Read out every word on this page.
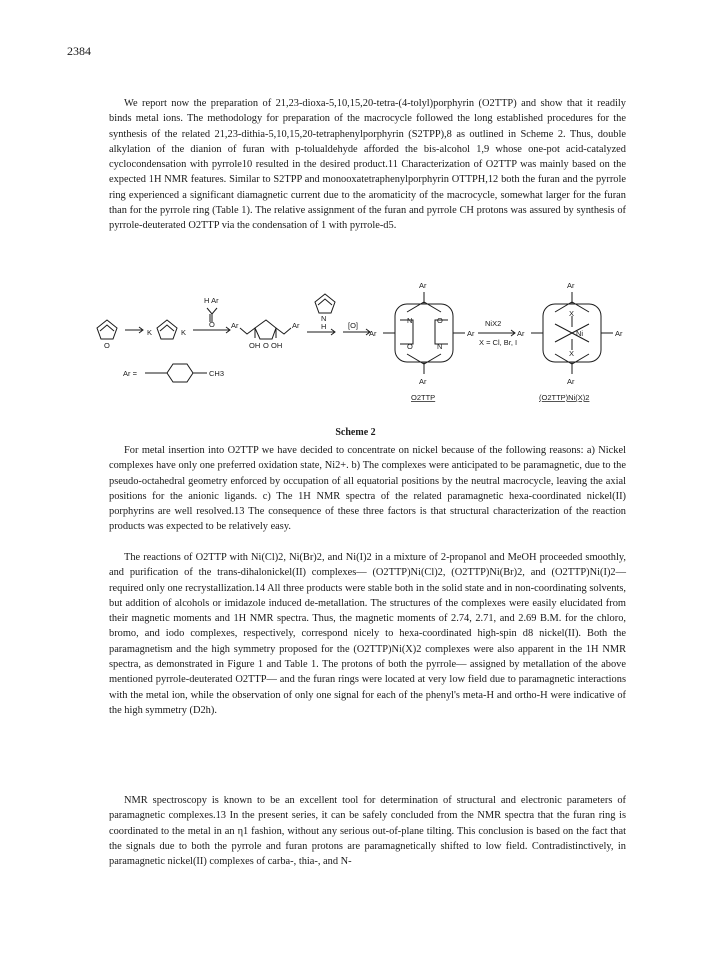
2384

We report now the preparation of 21,23-dioxa-5,10,15,20-tetra-(4-tolyl)porphyrin (O2TTP) and show that it readily binds metal ions. The methodology for preparation of the macrocycle followed the long established procedures for the synthesis of the related 21,23-dithia-5,10,15,20-tetraphenylporphyrin (S2TPP),8 as outlined in Scheme 2. Thus, double alkylation of the dianion of furan with p-tolualdehyde afforded the bis-alcohol 1,9 whose one-pot acid-catalyzed cyclocondensation with pyrrole10 resulted in the desired product.11 Characterization of O2TTP was mainly based on the expected 1H NMR features. Similar to S2TPP and monooxatetraphenylporphyrin OTTPH,12 both the furan and the pyrrole ring experienced a significant diamagnetic current due to the aromaticity of the macrocycle, somewhat larger for the furan than for the pyrrole ring (Table 1). The relative assignment of the furan and pyrrole CH protons was assured by synthesis of pyrrole-deuterated O2TTP via the condensation of 1 with pyrrole-d5.

H Ar
O
K	K
O Ar	Ar
O
OH OH
N
H	[O]
Ar
Ar	Ar
Ar
N	O
O	N
NiX2
X = Cl, Br, I
Ar
Ar	Ar
Ar
Ni
X
X
Ar =	CH3
O2TTP	(O2TTP)Ni(X)2
Scheme 2

For metal insertion into O2TTP we have decided to concentrate on nickel because of the following reasons: a) Nickel complexes have only one preferred oxidation state, Ni2+. b) The complexes were anticipated to be paramagnetic, due to the pseudo-octahedral geometry enforced by occupation of all equatorial positions by the neutral macrocycle, leaving the axial positions for the anionic ligands. c) The 1H NMR spectra of the related paramagnetic hexa-coordinated nickel(II) porphyrins are well resolved.13 The consequence of these three factors is that structural characterization of the reaction products was expected to be relatively easy.

The reactions of O2TTP with Ni(Cl)2, Ni(Br)2, and Ni(I)2 in a mixture of 2-propanol and MeOH proceeded smoothly, and purification of the trans-dihalonickel(II) complexes— (O2TTP)Ni(Cl)2, (O2TTP)Ni(Br)2, and (O2TTP)Ni(I)2— required only one recrystallization.14 All three products were stable both in the solid state and in non-coordinating solvents, but addition of alcohols or imidazole induced de-metallation. The structures of the complexes were easily elucidated from their magnetic moments and 1H NMR spectra. Thus, the magnetic moments of 2.74, 2.71, and 2.69 B.M. for the chloro, bromo, and iodo complexes, respectively, correspond nicely to hexa-coordinated high-spin d8 nickel(II). Both the paramagnetism and the high symmetry proposed for the (O2TTP)Ni(X)2 complexes were also apparent in the 1H NMR spectra, as demonstrated in Figure 1 and Table 1. The protons of both the pyrrole— assigned by metallation of the above mentioned pyrrole-deuterated O2TTP— and the furan rings were located at very low field due to paramagnetic interactions with the metal ion, while the observation of only one signal for each of the phenyl's meta-H and ortho-H were indicative of the high symmetry (D2h).

NMR spectroscopy is known to be an excellent tool for determination of structural and electronic parameters of paramagnetic complexes.13 In the present series, it can be safely concluded from the NMR spectra that the furan ring is coordinated to the metal in an η1 fashion, without any serious out-of-plane tilting. This conclusion is based on the fact that the signals due to both the pyrrole and furan protons are paramagnetically shifted to low field. Contradistinctively, in paramagnetic nickel(II) complexes of carba-, thia-, and N-
